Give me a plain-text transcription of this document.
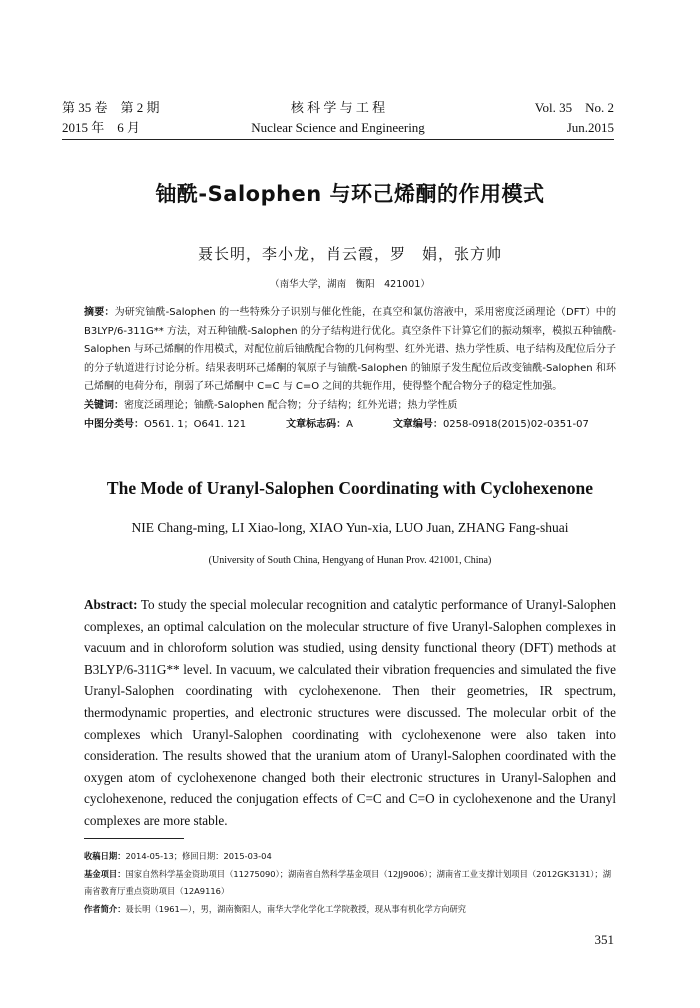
第 35 卷　第 2 期
2015 年　6 月
核 科 学 与 工 程
Nuclear Science and Engineering
Vol. 35　No. 2
Jun.2015
铀酰-Salophen 与环己烯酮的作用模式
聂长明，李小龙，肖云霞，罗　娟，张方帅
（南华大学，湖南　衡阳　421001）

摘要：为研究铀酰-Salophen 的一些特殊分子识别与催化性能，在真空和氯仿溶液中，采用密度泛函理论（DFT）中的 B3LYP/6-311G** 方法，对五种铀酰-Salophen 的分子结构进行优化。真空条件下计算它们的振动频率，模拟五种铀酰-Salophen 与环己烯酮的作用模式，对配位前后铀酰配合物的几何构型、红外光谱、热力学性质、电子结构及配位后分子的分子轨道进行讨论分析。结果表明环己烯酮的氧原子与铀酰-Salophen 的铀原子发生配位后改变铀酰-Salophen 和环己烯酮的电荷分布，削弱了环己烯酮中 C=C 与 C=O 之间的共轭作用，使得整个配合物分子的稳定性加强。

关键词：密度泛函理论；铀酰-Salophen 配合物；分子结构；红外光谱；热力学性质

中图分类号：O561. 1；O641. 121	文章标志码：A	文章编号：0258-0918(2015)02-0351-07

The Mode of Uranyl-Salophen Coordinating with Cyclohexenone
NIE Chang-ming, LI Xiao-long, XIAO Yun-xia, LUO Juan, ZHANG Fang-shuai
(University of South China, Hengyang of Hunan Prov. 421001, China)
Abstract: To study the special molecular recognition and catalytic performance of Uranyl-Salophen complexes, an optimal calculation on the molecular structure of five Uranyl-Salophen complexes in vacuum and in chloroform solution was studied, using density functional theory (DFT) methods at B3LYP/6-311G** level. In vacuum, we calculated their vibration frequencies and simulated the five Uranyl-Salophen coordinating with cyclohexenone. Then their geometries, IR spectrum, thermodynamic properties, and electronic structures were discussed. The molecular orbit of the complexes which Uranyl-Salophen coordinating with cyclohexenone were also taken into consideration. The results showed that the uranium atom of Uranyl-Salophen coordinated with the oxygen atom of cyclohexenone changed both their electronic structures in Uranyl-Salophen and cyclohexenone, reduced the conjugation effects of C=C and C=O in cyclohexenone and the Uranyl complexes are more stable.

收稿日期：2014-05-13；修回日期：2015-03-04

基金项目：国家自然科学基金资助项目（11275090）；湖南省自然科学基金项目（12JJ9006）；湖南省工业支撑计划项目（2012GK3131）；湖南省教育厅重点资助项目（12A9116）

作者简介：聂长明（1961—），男，湖南衡阳人，南华大学化学化工学院教授，现从事有机化学方向研究

351
